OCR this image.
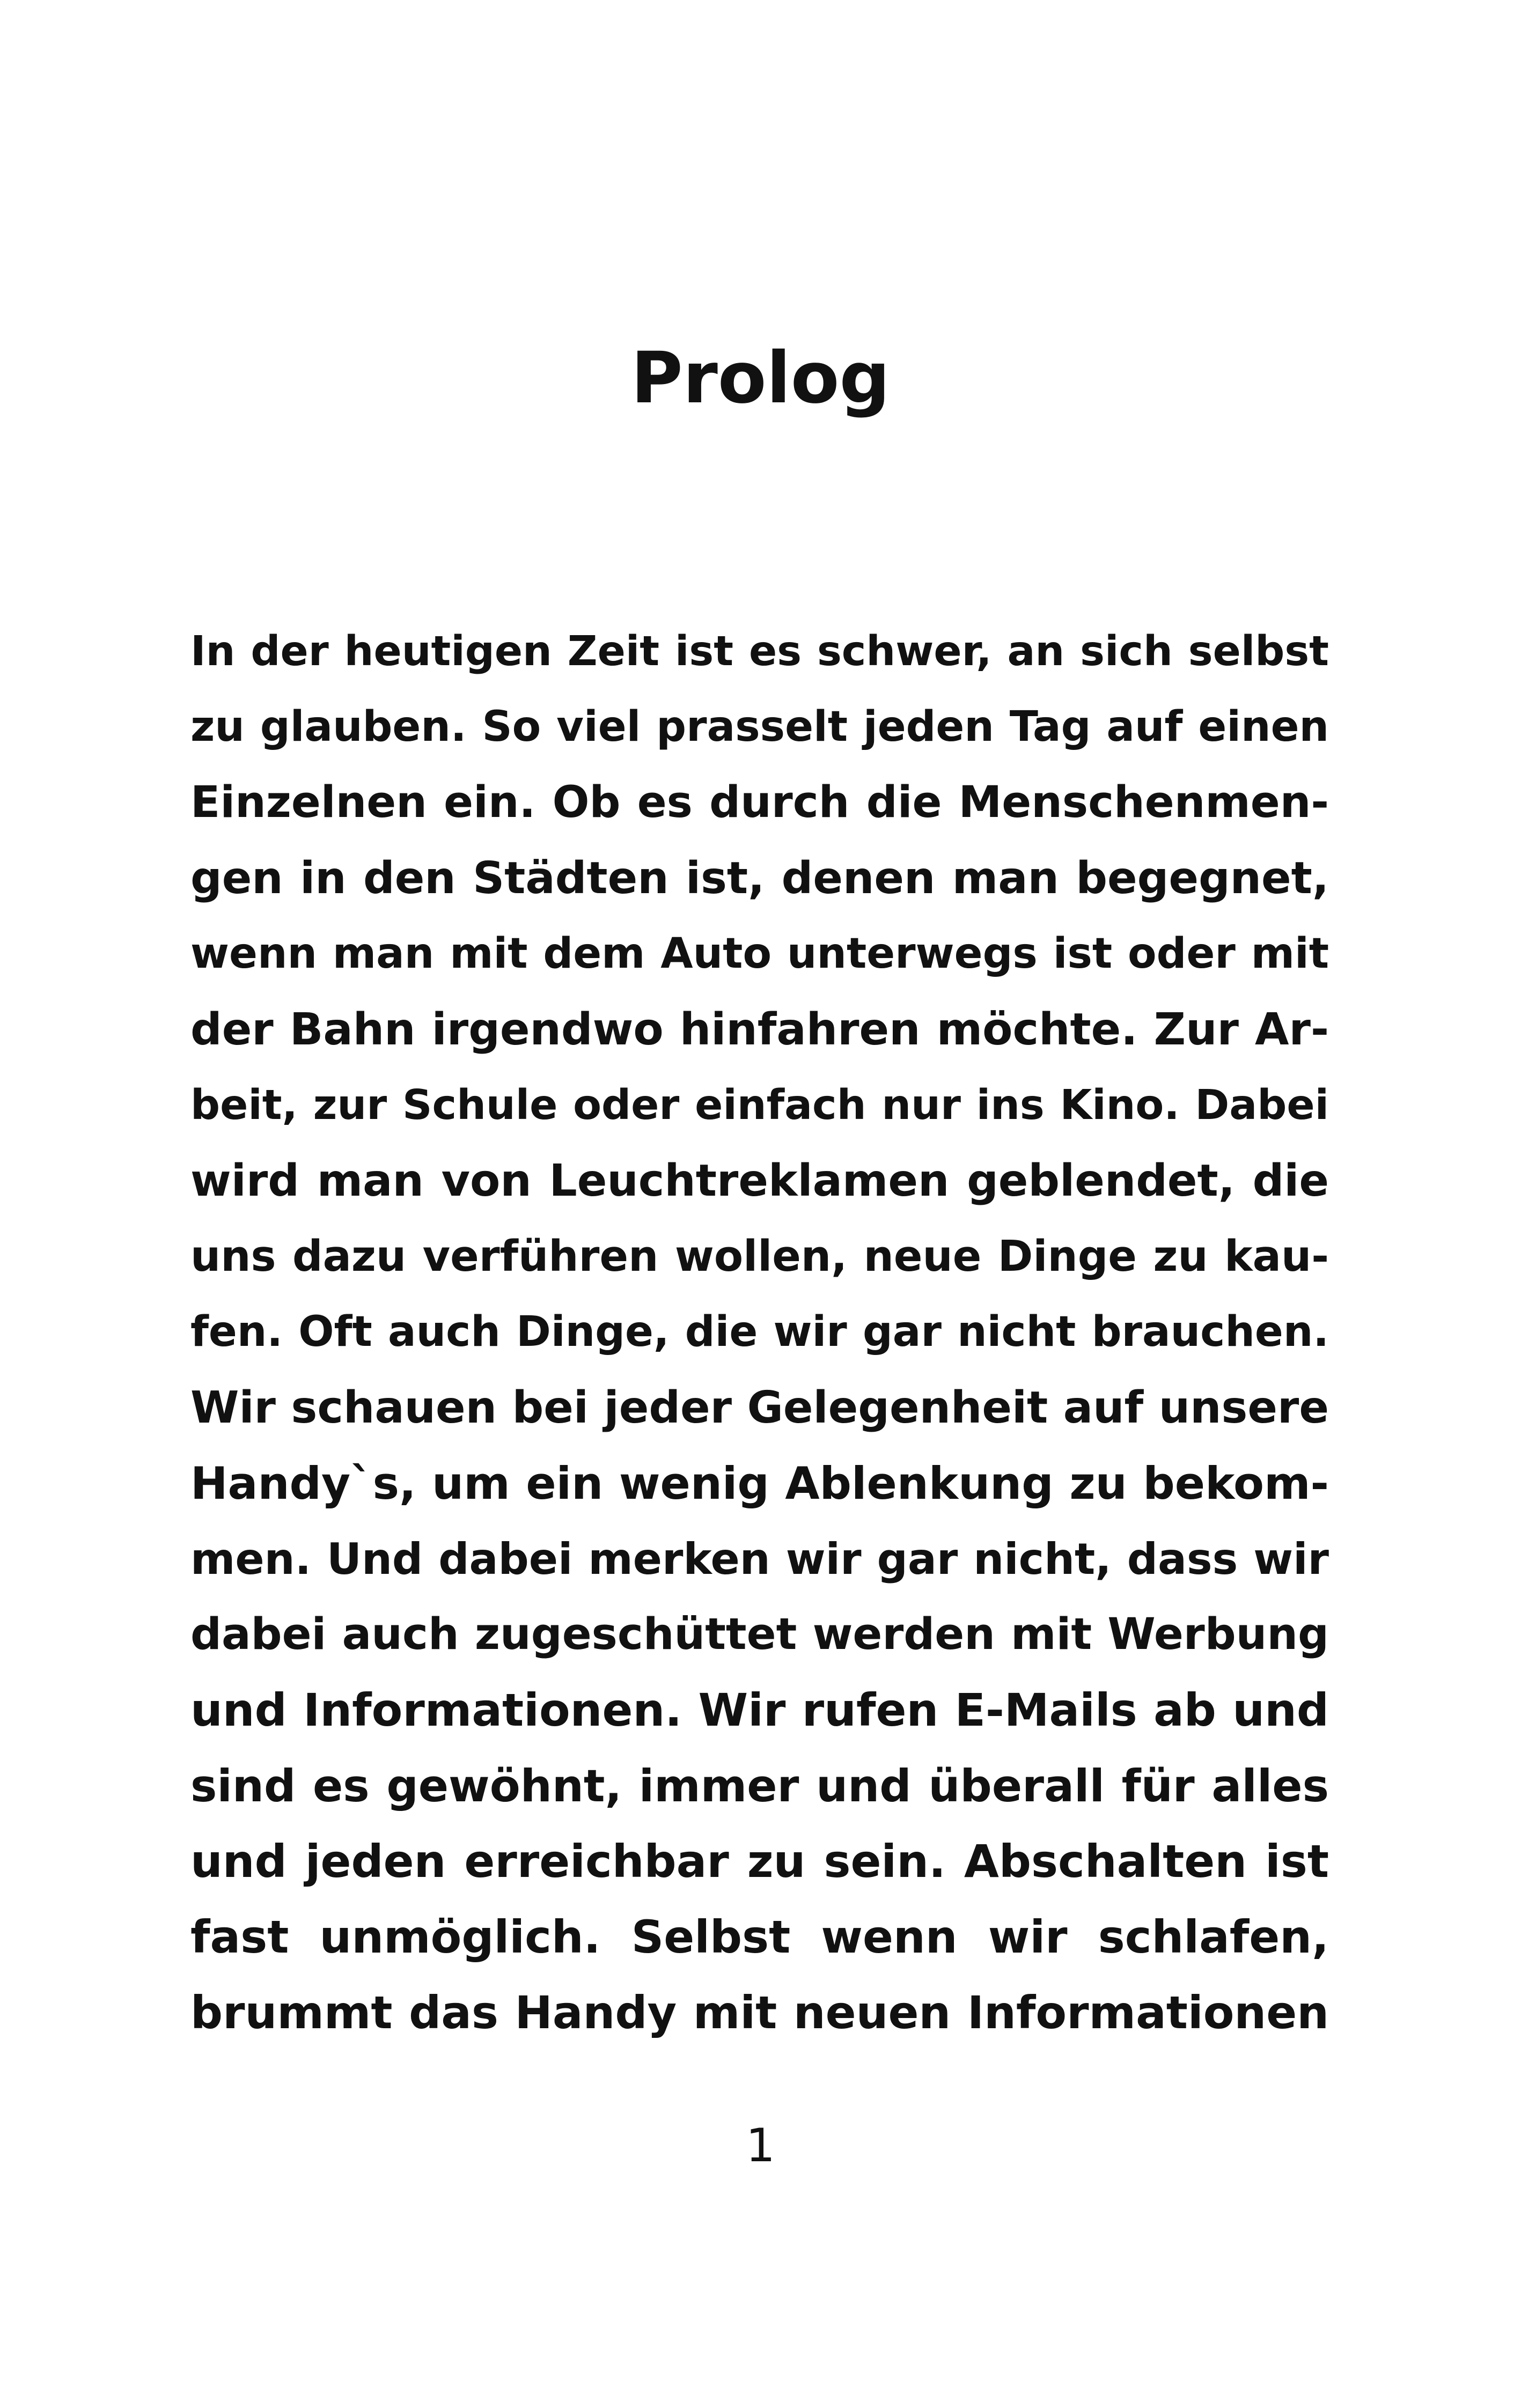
Prolog
In der heutigen Zeit ist es schwer, an sich selbst
zu glauben. So viel prasselt jeden Tag auf einen
Einzelnen ein. Ob es durch die Menschenmen-
gen in den Städten ist, denen man begegnet,
wenn man mit dem Auto unterwegs ist oder mit
der Bahn irgendwo hinfahren möchte. Zur Ar-
beit, zur Schule oder einfach nur ins Kino. Dabei
wird man von Leuchtreklamen geblendet, die
uns dazu verführen wollen, neue Dinge zu kau-
fen. Oft auch Dinge, die wir gar nicht brauchen.
Wir schauen bei jeder Gelegenheit auf unsere
Handy`s, um ein wenig Ablenkung zu bekom-
men. Und dabei merken wir gar nicht, dass wir
dabei auch zugeschüttet werden mit Werbung
und Informationen. Wir rufen E-Mails ab und
sind es gewöhnt, immer und überall für alles
und jeden erreichbar zu sein. Abschalten ist
fast unmöglich. Selbst wenn wir schlafen,
brummt das Handy mit neuen Informationen
1
